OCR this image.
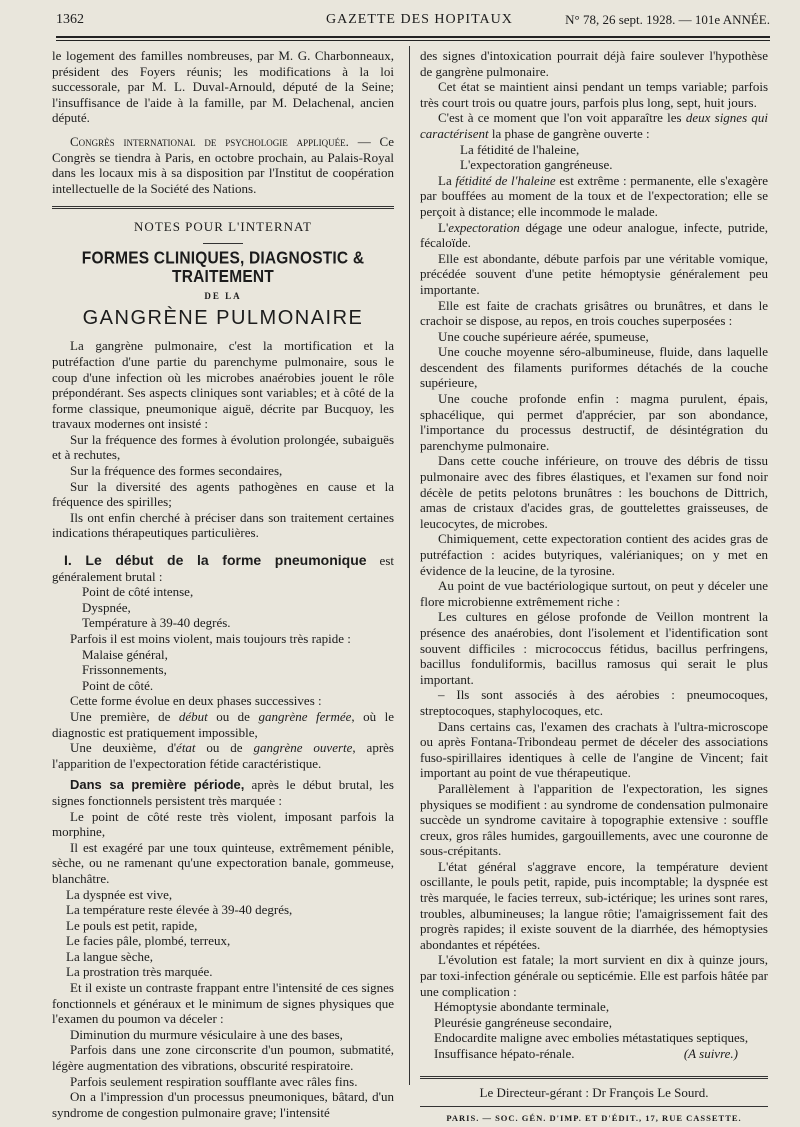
1362	GAZETTE DES HOPITAUX	N° 78, 26 sept. 1928. — 101e ANNÉE.

le logement des familles nombreuses, par M. G. Charbonneaux, président des Foyers réunis; les modifications à la loi successorale, par M. L. Duval-Arnould, député de la Seine; l'insuffisance de l'aide à la famille, par M. Delachenal, ancien député.

Congrès international de psychologie appliquée. — Ce Congrès se tiendra à Paris, en octobre prochain, au Palais-Royal dans les locaux mis à sa disposition par l'Institut de coopération intellectuelle de la Société des Nations.

NOTES POUR L'INTERNAT
FORMES CLINIQUES, DIAGNOSTIC & TRAITEMENT
DE LA
GANGRÈNE PULMONAIRE

La gangrène pulmonaire, c'est la mortification et la putréfaction d'une partie du parenchyme pulmonaire, sous le coup d'une infection où les microbes anaérobies jouent le rôle prépondérant. Ses aspects cliniques sont variables; et à côté de la forme classique, pneumonique aiguë, décrite par Bucquoy, les travaux modernes ont insisté :

Sur la fréquence des formes à évolution prolongée, subaiguës et à rechutes,

Sur la fréquence des formes secondaires,

Sur la diversité des agents pathogènes en cause et la fréquence des spirilles;

Ils ont enfin cherché à préciser dans son traitement certaines indications thérapeutiques particulières.

I. Le début de la forme pneumonique est généralement brutal :

Point de côté intense,

Dyspnée,

Température à 39-40 degrés.

Parfois il est moins violent, mais toujours très rapide :

Malaise général,

Frissonnements,

Point de côté.

Cette forme évolue en deux phases successives :

Une première, de début ou de gangrène fermée, où le diagnostic est pratiquement impossible,

Une deuxième, d'état ou de gangrène ouverte, après l'apparition de l'expectoration fétide caractéristique.

Dans sa première période, après le début brutal, les signes fonctionnels persistent très marquée :

Le point de côté reste très violent, imposant parfois la morphine,

Il est exagéré par une toux quinteuse, extrêmement pénible, sèche, ou ne ramenant qu'une expectoration banale, gommeuse, blanchâtre.

La dyspnée est vive,

La température reste élevée à 39-40 degrés,

Le pouls est petit, rapide,

Le facies pâle, plombé, terreux,

La langue sèche,

La prostration très marquée.

Et il existe un contraste frappant entre l'intensité de ces signes fonctionnels et généraux et le minimum de signes physiques que l'examen du poumon va déceler :

Diminution du murmure vésiculaire à une des bases,

Parfois dans une zone circonscrite d'un poumon, submatité, légère augmentation des vibrations, obscurité respiratoire.

Parfois seulement respiration soufflante avec râles fins.

On a l'impression d'un processus pneumoniques, bâtard, d'un syndrome de congestion pulmonaire grave; l'intensité

des signes d'intoxication pourrait déjà faire soulever l'hypothèse de gangrène pulmonaire.

Cet état se maintient ainsi pendant un temps variable; parfois très court trois ou quatre jours, parfois plus long, sept, huit jours.

C'est à ce moment que l'on voit apparaître les deux signes qui caractérisent la phase de gangrène ouverte :

La fétidité de l'haleine,

L'expectoration gangréneuse.

La fétidité de l'haleine est extrême : permanente, elle s'exagère par bouffées au moment de la toux et de l'expectoration; elle se perçoit à distance; elle incommode le malade.

L'expectoration dégage une odeur analogue, infecte, putride, fécaloïde.

Elle est abondante, débute parfois par une véritable vomique, précédée souvent d'une petite hémoptysie généralement peu importante.

Elle est faite de crachats grisâtres ou brunâtres, et dans le crachoir se dispose, au repos, en trois couches superposées :

Une couche supérieure aérée, spumeuse,

Une couche moyenne séro-albumineuse, fluide, dans laquelle descendent des filaments puriformes détachés de la couche supérieure,

Une couche profonde enfin : magma purulent, épais, sphacélique, qui permet d'apprécier, par son abondance, l'importance du processus destructif, de désintégration du parenchyme pulmonaire.

Dans cette couche inférieure, on trouve des débris de tissu pulmonaire avec des fibres élastiques, et l'examen sur fond noir décèle de petits pelotons brunâtres : les bouchons de Dittrich, amas de cristaux d'acides gras, de gouttelettes graisseuses, de leucocytes, de microbes.

Chimiquement, cette expectoration contient des acides gras de putréfaction : acides butyriques, valérianiques; on y met en évidence de la leucine, de la tyrosine.

Au point de vue bactériologique surtout, on peut y déceler une flore microbienne extrêmement riche :

Les cultures en gélose profonde de Veillon montrent la présence des anaérobies, dont l'isolement et l'identification sont souvent difficiles : micrococcus fétidus, bacillus perfringens, bacillus fonduliformis, bacillus ramosus qui serait le plus important.

– Ils sont associés à des aérobies : pneumocoques, streptocoques, staphylocoques, etc.

Dans certains cas, l'examen des crachats à l'ultra-microscope ou après Fontana-Tribondeau permet de déceler des associations fuso-spirillaires identiques à celle de l'angine de Vincent; fait important au point de vue thérapeutique.

Parallèlement à l'apparition de l'expectoration, les signes physiques se modifient : au syndrome de condensation pulmonaire succède un syndrome cavitaire à topographie extensive : souffle creux, gros râles humides, gargouillements, avec une couronne de sous-crépitants.

L'état général s'aggrave encore, la température devient oscillante, le pouls petit, rapide, puis incomptable; la dyspnée est très marquée, le facies terreux, sub-ictérique; les urines sont rares, troubles, albumineuses; la langue rôtie; l'amaigrissement fait des progrès rapides; il existe souvent de la diarrhée, des hémoptysies abondantes et répétées.

L'évolution est fatale; la mort survient en dix à quinze jours, par toxi-infection générale ou septicémie. Elle est parfois hâtée par une complication :

Hémoptysie abondante terminale,

Pleurésie gangréneuse secondaire,

Endocardite maligne avec embolies métastatiques septiques,

Insuffisance hépato-rénale.	(A suivre.)

Le Directeur-gérant : Dr François Le Sourd.
PARIS. — SOC. GÉN. D'IMP. ET D'ÉDIT., 17, RUE CASSETTE.
